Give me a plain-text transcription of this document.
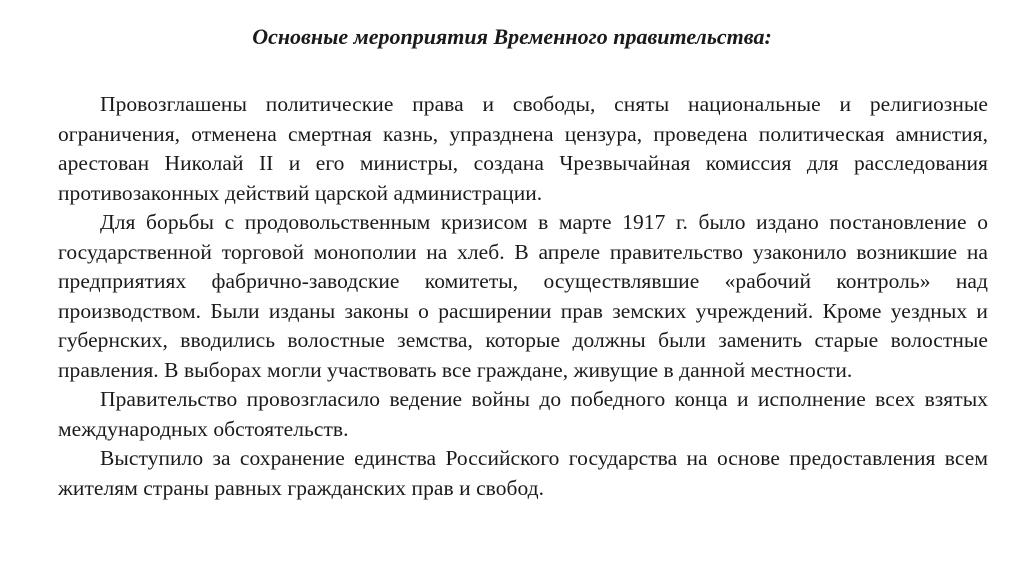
Основные мероприятия Временного правительства:

Провозглашены политические права и свободы, сняты национальные и религиозные ограничения, отменена смертная казнь, упразднена цензура, проведена политическая амнистия, арестован Николай II и его министры, создана Чрезвычайная комиссия для расследования противозаконных действий царской администрации.

Для борьбы с продовольственным кризисом в марте 1917 г. было издано постановление о государственной торговой монополии на хлеб. В апреле правительство узаконило возникшие на предприятиях фабрично-заводские комитеты, осуществлявшие «рабочий контроль» над производством. Были изданы законы о расширении прав земских учреждений. Кроме уездных и губернских, вводились волостные земства, которые должны были заменить старые волостные правления. В выборах могли участвовать все граждане, живущие в данной местности.

Правительство провозгласило ведение войны до победного конца и исполнение всех взятых международных обстоятельств.

Выступило за сохранение единства Российского государства на основе предоставления всем жителям страны равных гражданских прав и свобод.
